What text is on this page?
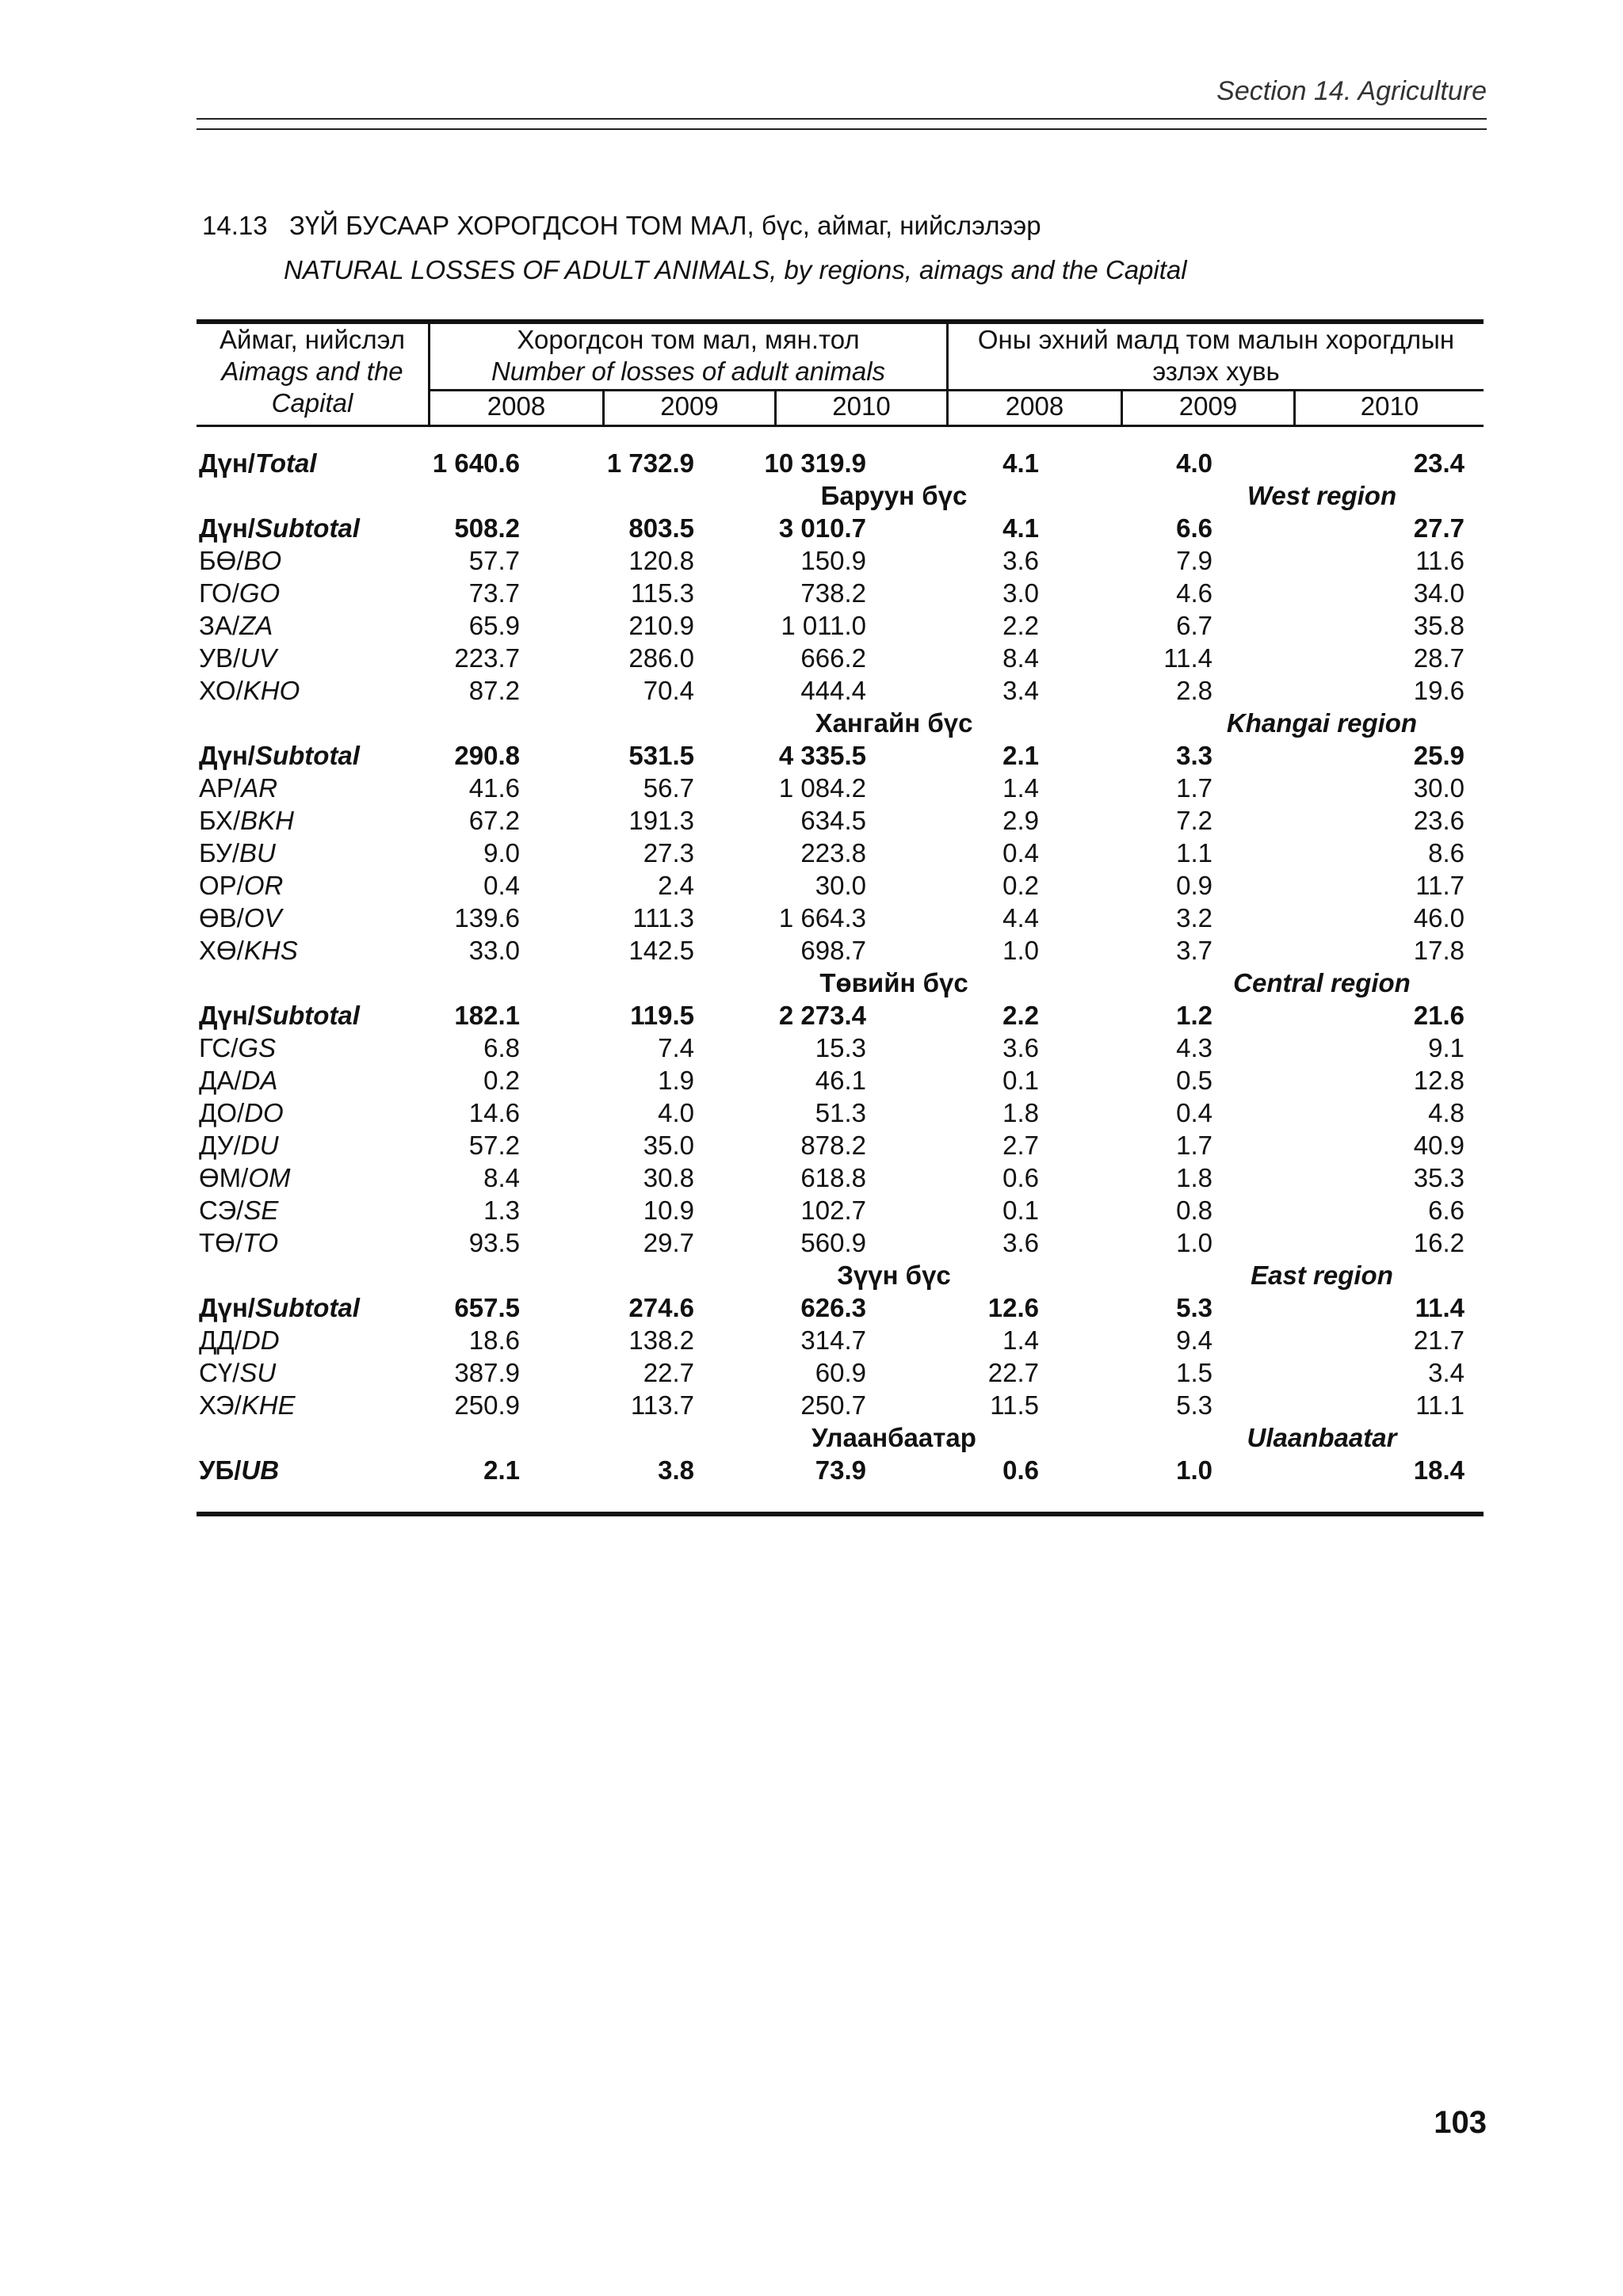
Section 14. Agriculture
14.13 ЗҮЙ БУСААР ХОРОГДСОН ТОМ МАЛ, бүс, аймаг, нийслэлээр
NATURAL LOSSES OF ADULT ANIMALS, by regions, aimags and the Capital
Аймаг, нийслэл
Aimags and the
Capital
Хорогдсон том мал, мян.тол
Number of losses of adult animals
Оны эхний малд том малын хорогдлын
эзлэх хувь
2008	2009	2010	2008	2009	2010
Дүн/Total	1 640.6	1 732.9	10 319.9	4.1	4.0	23.4
Баруун бүс	West region
Дүн/Subtotal	508.2	803.5	3 010.7	4.1	6.6	27.7
БӨ/BO	57.7	120.8	150.9	3.6	7.9	11.6
ГО/GO	73.7	115.3	738.2	3.0	4.6	34.0
ЗА/ZA	65.9	210.9	1 011.0	2.2	6.7	35.8
УВ/UV	223.7	286.0	666.2	8.4	11.4	28.7
ХО/KHO	87.2	70.4	444.4	3.4	2.8	19.6
Хангайн бүс	Khangai region
Дүн/Subtotal	290.8	531.5	4 335.5	2.1	3.3	25.9
АР/AR	41.6	56.7	1 084.2	1.4	1.7	30.0
БХ/BKH	67.2	191.3	634.5	2.9	7.2	23.6
БУ/BU	9.0	27.3	223.8	0.4	1.1	8.6
ОР/OR	0.4	2.4	30.0	0.2	0.9	11.7
ӨВ/OV	139.6	111.3	1 664.3	4.4	3.2	46.0
ХӨ/KHS	33.0	142.5	698.7	1.0	3.7	17.8
Төвийн бүс	Central region
Дүн/Subtotal	182.1	119.5	2 273.4	2.2	1.2	21.6
ГС/GS	6.8	7.4	15.3	3.6	4.3	9.1
ДА/DA	0.2	1.9	46.1	0.1	0.5	12.8
ДО/DO	14.6	4.0	51.3	1.8	0.4	4.8
ДУ/DU	57.2	35.0	878.2	2.7	1.7	40.9
ӨМ/OM	8.4	30.8	618.8	0.6	1.8	35.3
СЭ/SE	1.3	10.9	102.7	0.1	0.8	6.6
ТӨ/TO	93.5	29.7	560.9	3.6	1.0	16.2
Зүүн бүс	East region
Дүн/Subtotal	657.5	274.6	626.3	12.6	5.3	11.4
ДД/DD	18.6	138.2	314.7	1.4	9.4	21.7
СҮ/SU	387.9	22.7	60.9	22.7	1.5	3.4
ХЭ/KHE	250.9	113.7	250.7	11.5	5.3	11.1
Улаанбаатар	Ulaanbaatar
УБ/UB	2.1	3.8	73.9	0.6	1.0	18.4
103
